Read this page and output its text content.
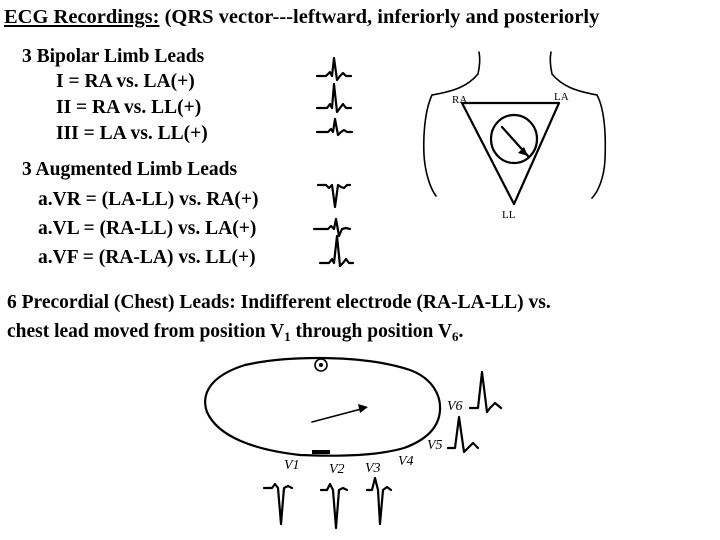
ECG Recordings: (QRS vector---leftward, inferiorly and posteriorly
3 Bipolar Limb Leads
I = RA vs. LA(+)
II = RA vs. LL(+)
III = LA vs. LL(+)
3 Augmented Limb Leads
a.VR = (LA-LL) vs. RA(+)
a.VL = (RA-LL) vs. LA(+)
a.VF = (RA-LA) vs. LL(+)
6 Precordial (Chest) Leads: Indifferent electrode (RA-LA-LL) vs.
chest lead moved from position $V_1$ through position $V_6$.
RA	LA
LL
V1 V2 V3 V4
V5
V6
